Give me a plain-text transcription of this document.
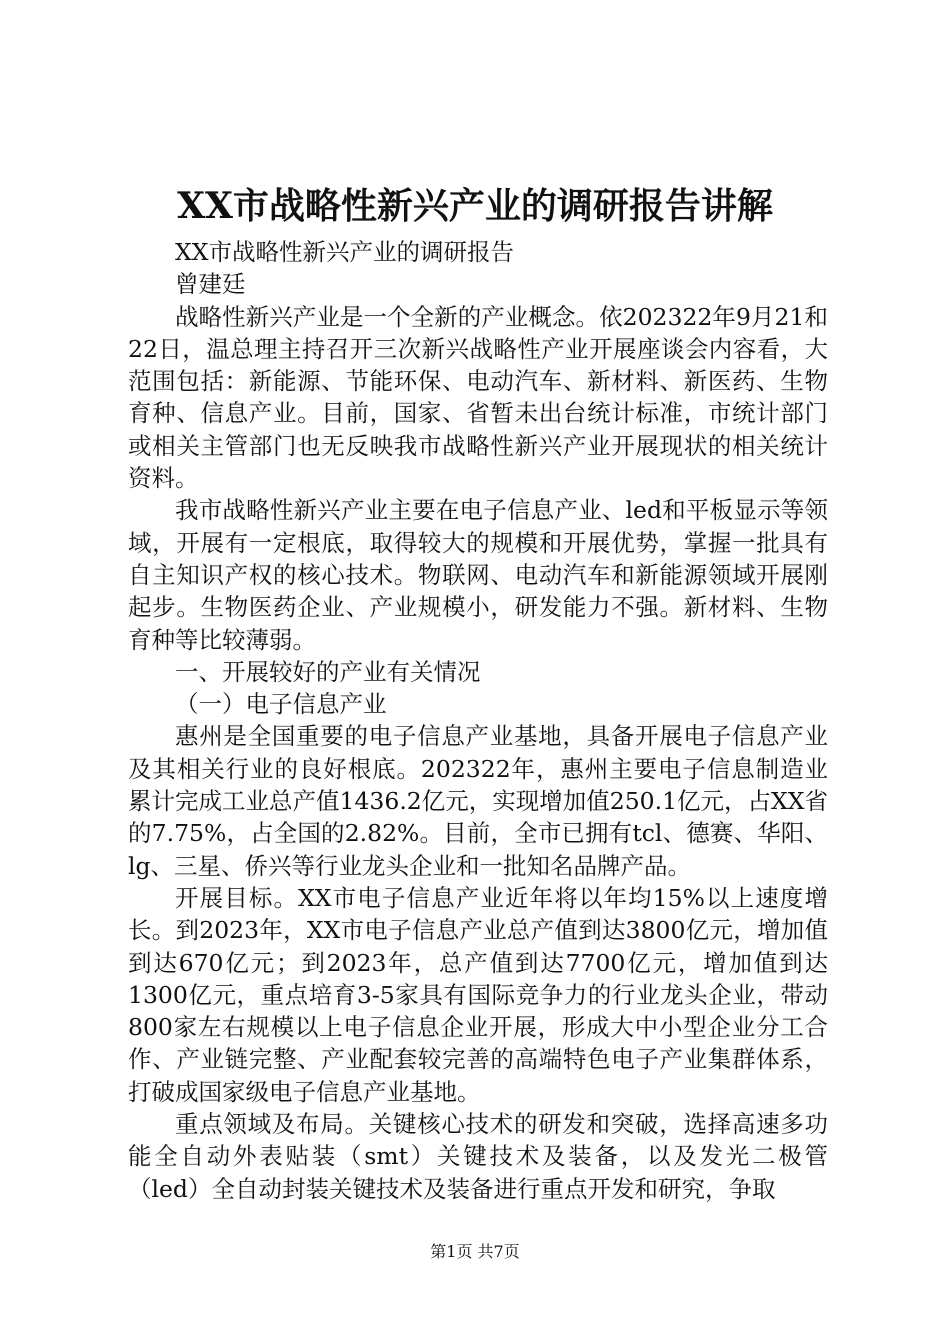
XX市战略性新兴产业的调研报告讲解

XX市战略性新兴产业的调研报告

曾建廷

战略性新兴产业是一个全新的产业概念。依202322年9月21和22日，温总理主持召开三次新兴战略性产业开展座谈会内容看，大范围包括：新能源、节能环保、电动汽车、新材料、新医药、生物育种、信息产业。目前，国家、省暂未出台统计标准，市统计部门或相关主管部门也无反映我市战略性新兴产业开展现状的相关统计资料。

我市战略性新兴产业主要在电子信息产业、led和平板显示等领域，开展有一定根底，取得较大的规模和开展优势，掌握一批具有自主知识产权的核心技术。物联网、电动汽车和新能源领域开展刚起步。生物医药企业、产业规模小，研发能力不强。新材料、生物育种等比较薄弱。

一、开展较好的产业有关情况

（一）电子信息产业

惠州是全国重要的电子信息产业基地，具备开展电子信息产业及其相关行业的良好根底。202322年，惠州主要电子信息制造业累计完成工业总产值1436.2亿元，实现增加值250.1亿元，占XX省的7.75%，占全国的2.82%。目前，全市已拥有tcl、德赛、华阳、lg、三星、侨兴等行业龙头企业和一批知名品牌产品。

开展目标。XX市电子信息产业近年将以年均15%以上速度增长。到2023年，XX市电子信息产业总产值到达3800亿元，增加值到达670亿元；到2023年，总产值到达7700亿元，增加值到达1300亿元，重点培育3-5家具有国际竞争力的行业龙头企业，带动800家左右规模以上电子信息企业开展，形成大中小型企业分工合作、产业链完整、产业配套较完善的高端特色电子产业集群体系，打破成国家级电子信息产业基地。

重点领域及布局。关键核心技术的研发和突破，选择高速多功能全自动外表贴装（smt）关键技术及装备，以及发光二极管（led）全自动封装关键技术及装备进行重点开发和研究，争取

第1页 共7页
